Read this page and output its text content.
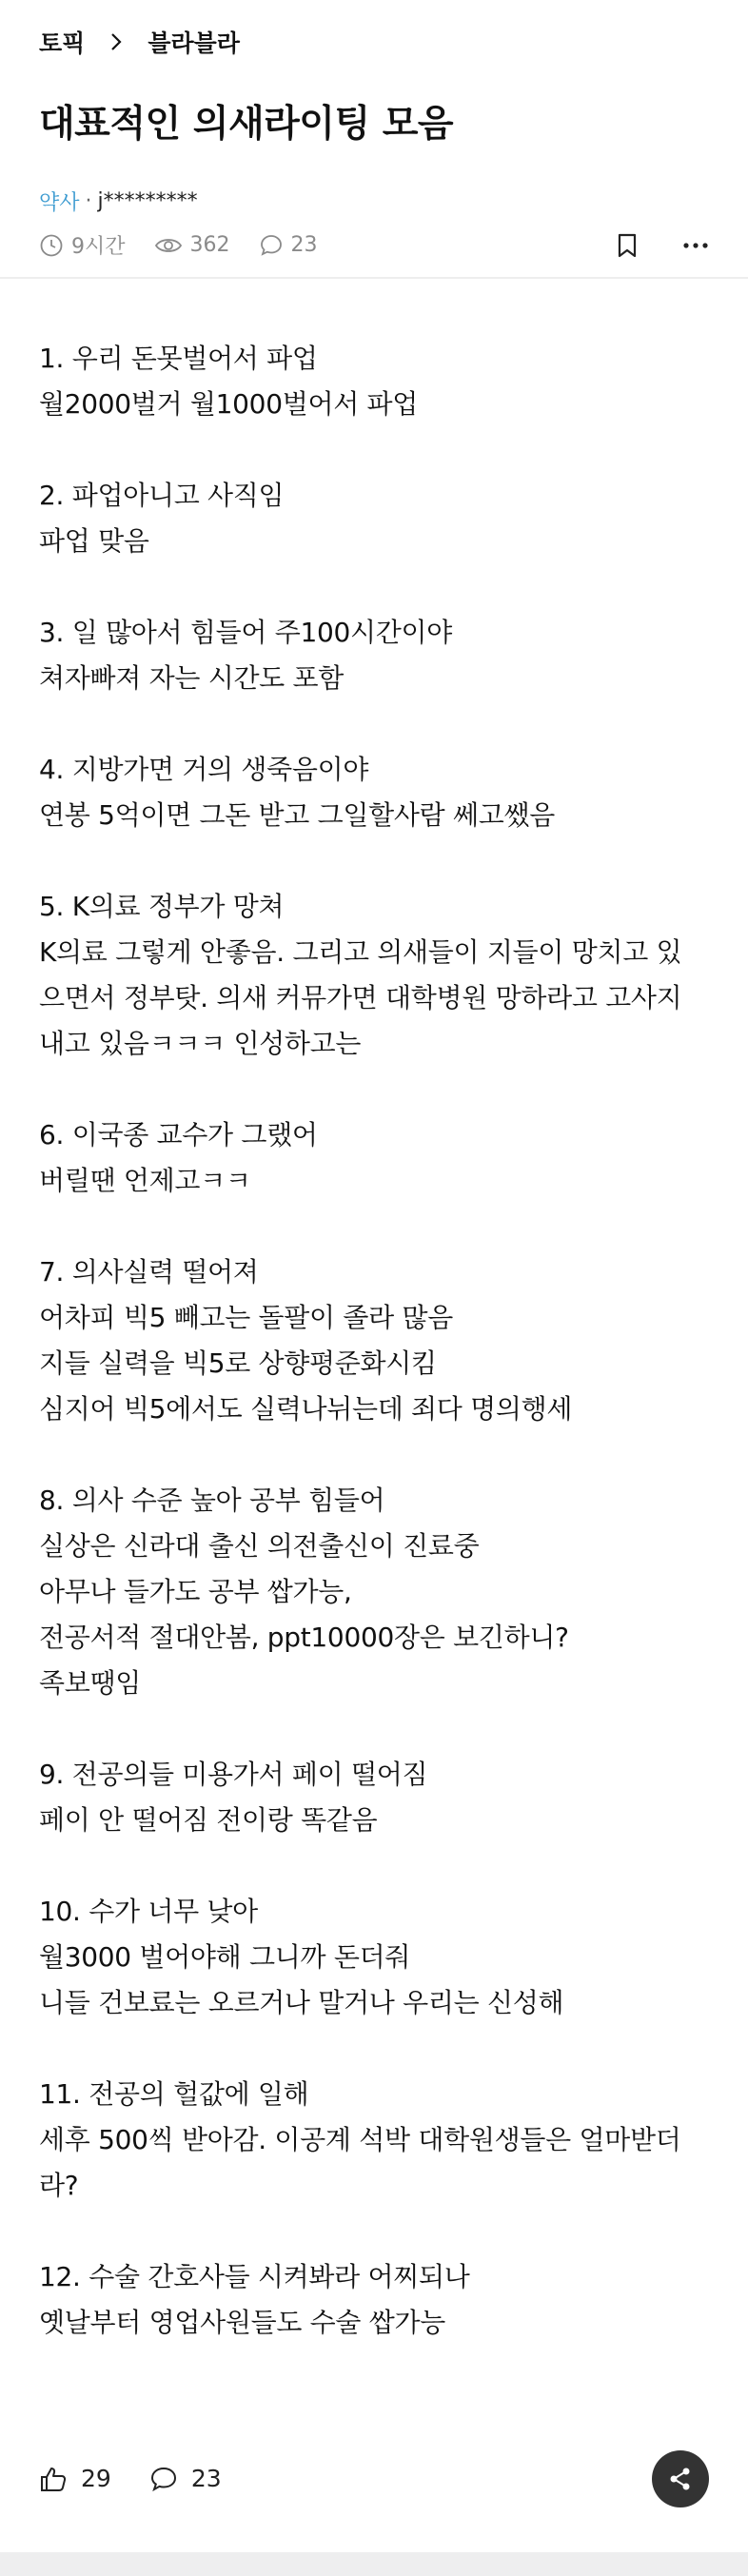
토픽	블라블라
대표적인 의새라이팅 모음
약사 · j*********
9시간	362	23
1. 우리 돈못벌어서 파업
월2000벌거 월1000벌어서 파업
2. 파업아니고 사직임
파업 맞음
3. 일 많아서 힘들어 주100시간이야
쳐자빠져 자는 시간도 포함
4. 지방가면 거의 생죽음이야
연봉 5억이면 그돈 받고 그일할사람 쎄고쌨음
5. K의료 정부가 망쳐
K의료 그렇게 안좋음. 그리고 의새들이 지들이 망치고 있
으면서 정부탓. 의새 커뮤가면 대학병원 망하라고 고사지
내고 있음ㅋㅋㅋ 인성하고는
6. 이국종 교수가 그랬어
버릴땐 언제고ㅋㅋ
7. 의사실력 떨어져
어차피 빅5 빼고는 돌팔이 졸라 많음
지들 실력을 빅5로 상향평준화시킴
심지어 빅5에서도 실력나뉘는데 죄다 명의행세
8. 의사 수준 높아 공부 힘들어
실상은 신라대 출신 의전출신이 진료중
아무나 들가도 공부 쌉가능,
전공서적 절대안봄, ppt10000장은 보긴하니?
족보땡임
9. 전공의들 미용가서 페이 떨어짐
페이 안 떨어짐 전이랑 똑같음
10. 수가 너무 낮아
월3000 벌어야해 그니까 돈더줘
니들 건보료는 오르거나 말거나 우리는 신성해
11. 전공의 헐값에 일해
세후 500씩 받아감. 이공계 석박 대학원생들은 얼마받더
라?
12. 수술 간호사들 시켜봐라 어찌되나
옛날부터 영업사원들도 수술 쌉가능
29	23
